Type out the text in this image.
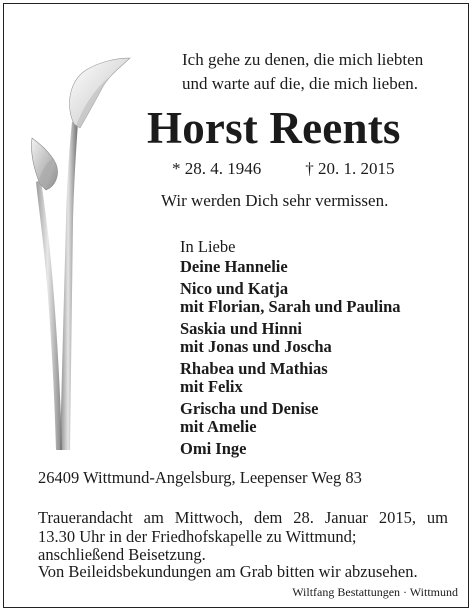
Ich gehe zu denen, die mich liebten
und warte auf die, die mich lieben.
Horst Reents
* 28. 4. 1946	† 20. 1. 2015
Wir werden Dich sehr vermissen.
In Liebe
Deine Hannelie
Nico und Katja
mit Florian, Sarah und Paulina
Saskia und Hinni
mit Jonas und Joscha
Rhabea und Mathias
mit Felix
Grischa und Denise
mit Amelie
Omi Inge
26409 Wittmund-Angelsburg, Leepenser Weg 83
Trauerandacht am Mittwoch, dem 28. Januar 2015, um
13.30 Uhr in der Friedhofskapelle zu Wittmund;
anschließend Beisetzung.
Von Beileidsbekundungen am Grab bitten wir abzusehen.
Wiltfang Bestattungen · Wittmund
